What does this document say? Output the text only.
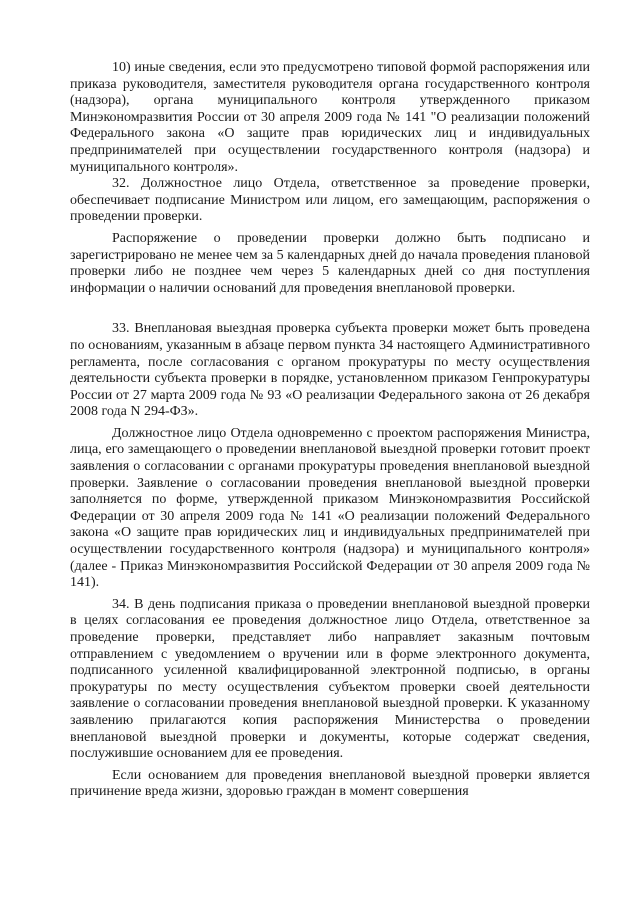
10) иные сведения, если это предусмотрено типовой формой распоряжения или приказа руководителя, заместителя руководителя органа государственного контроля (надзора), органа муниципального контроля утвержденного приказом Минэкономразвития России от 30 апреля 2009 года № 141 "О реализации положений Федерального закона «О защите прав юридических лиц и индивидуальных предпринимателей при осуществлении государственного контроля (надзора) и муниципального контроля».

32. Должностное лицо Отдела, ответственное за проведение проверки, обеспечивает подписание Министром или лицом, его замещающим, распоряжения о проведении проверки.

Распоряжение о проведении проверки должно быть подписано и зарегистрировано не менее чем за 5 календарных дней до начала проведения плановой проверки либо не позднее чем через 5 календарных дней со дня поступления информации о наличии оснований для проведения внеплановой проверки.

33. Внеплановая выездная проверка субъекта проверки может быть проведена по основаниям, указанным в абзаце первом пункта 34 настоящего Административного регламента, после согласования с органом прокуратуры по месту осуществления деятельности субъекта проверки в порядке, установленном приказом Генпрокуратуры России от 27 марта 2009 года № 93 «О реализации Федерального закона от 26 декабря 2008 года N 294-ФЗ».

Должностное лицо Отдела одновременно с проектом распоряжения Министра, лица, его замещающего о проведении внеплановой выездной проверки готовит проект заявления о согласовании с органами прокуратуры проведения внеплановой выездной проверки. Заявление о согласовании проведения внеплановой выездной проверки заполняется по форме, утвержденной приказом Минэкономразвития Российской Федерации от 30 апреля 2009 года № 141 «О реализации положений Федерального закона «О защите прав юридических лиц и индивидуальных предпринимателей при осуществлении государственного контроля (надзора) и муниципального контроля» (далее - Приказ Минэкономразвития Российской Федерации от 30 апреля 2009 года № 141).

34. В день подписания приказа о проведении внеплановой выездной проверки в целях согласования ее проведения должностное лицо Отдела, ответственное за проведение проверки, представляет либо направляет заказным почтовым отправлением с уведомлением о вручении или в форме электронного документа, подписанного усиленной квалифицированной электронной подписью, в органы прокуратуры по месту осуществления субъектом проверки своей деятельности заявление о согласовании проведения внеплановой выездной проверки. К указанному заявлению прилагаются копия распоряжения Министерства о проведении внеплановой выездной проверки и документы, которые содержат сведения, послужившие основанием для ее проведения.

Если основанием для проведения внеплановой выездной проверки является причинение вреда жизни, здоровью граждан в момент совершения
